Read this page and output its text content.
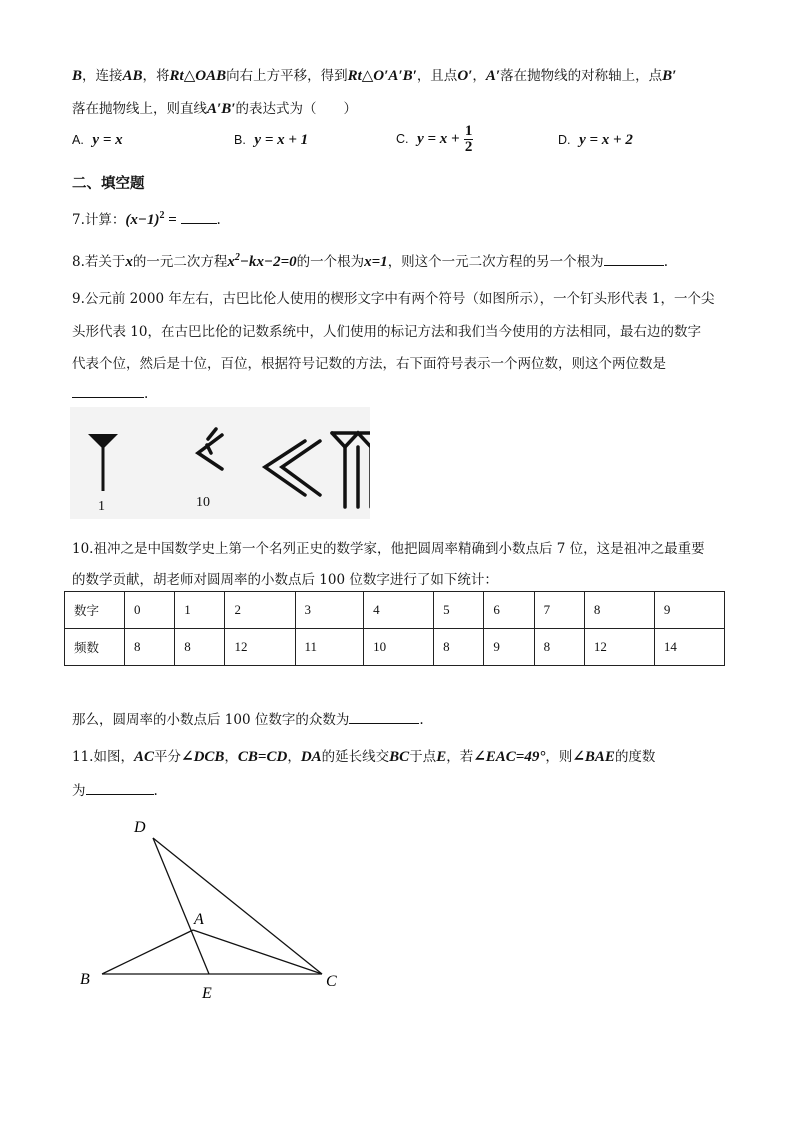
B，连接AB，将Rt△OAB向右上方平移，得到Rt△O′A′B′，且点O′，A′落在抛物线的对称轴上，点B′
落在抛物线上，则直线A′B′的表达式为（　　）
A. y = x	B. y = x + 1	C. $y = x + \frac{1}{2}$	D. y = x + 2
二、填空题
7.计算：$(x-1)^2$ =	.
8.若关于x的一元二次方程$x^2-kx-2=0$的一个根为x=1，则这个一元二次方程的另一个根为	.
9.公元前 2000 年左右，古巴比伦人使用的楔形文字中有两个符号（如图所示），一个钉头形代表 1，一个尖
头形代表 10，在古巴比伦的记数系统中，人们使用的标记方法和我们当今使用的方法相同，最右边的数字
代表个位，然后是十位，百位，根据符号记数的方法，右下面符号表示一个两位数，则这个两位数是
.
1	10
10.祖冲之是中国数学史上第一个名列正史的数学家，他把圆周率精确到小数点后 7 位，这是祖冲之最重要
的数学贡献，胡老师对圆周率的小数点后 100 位数字进行了如下统计：
数字	0	1	2	3	4	5	6	7	8	9
频数	8	8	12	11	10	8	9	8	12	14
那么，圆周率的小数点后 100 位数字的众数为	.
11.如图，AC平分∠DCB，CB=CD，DA的延长线交BC于点E，若∠EAC=49°，则∠BAE的度数
为	.
D
A
B
E
C
